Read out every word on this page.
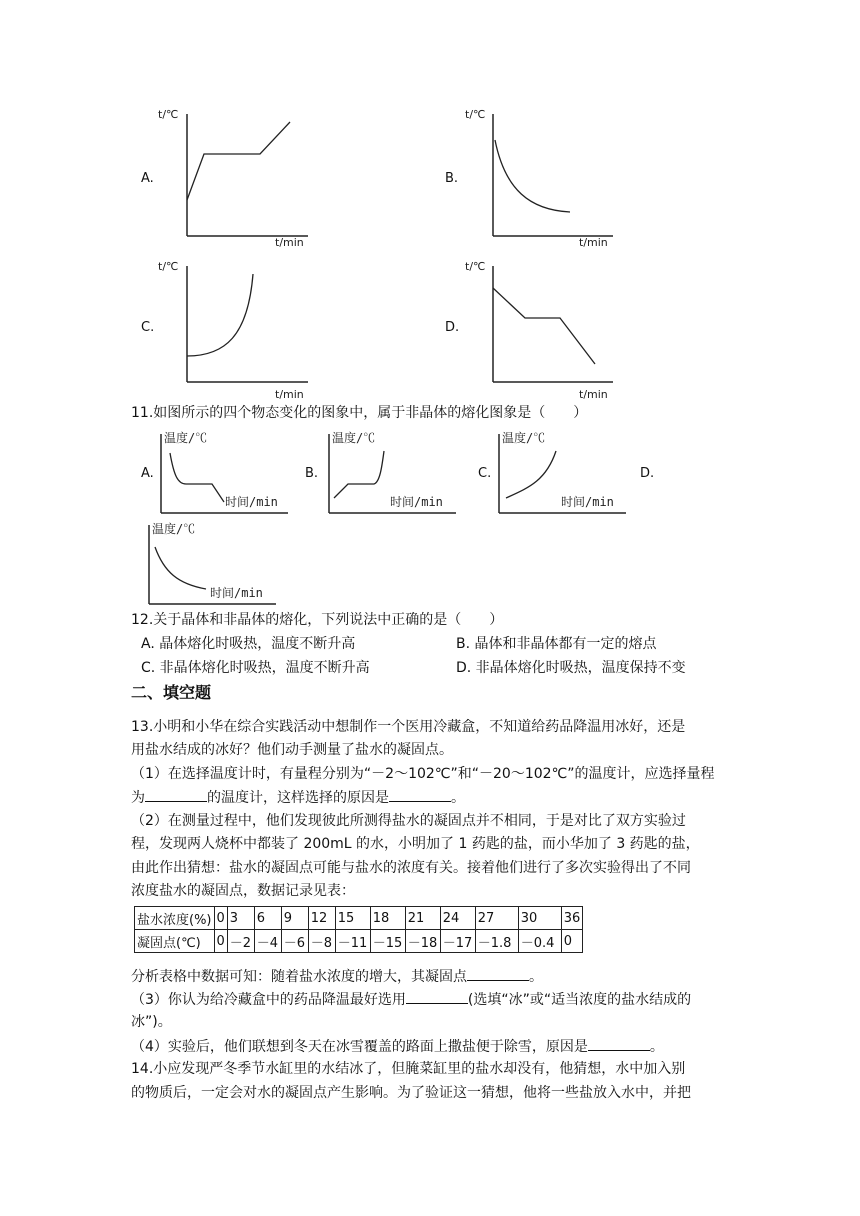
A.	B.
C.	D.
t/℃
t/min
t/℃
t/min
t/℃
t/min
t/℃
t/min
11.如图所示的四个物态变化的图象中，属于非晶体的熔化图象是（　　）
A.
温度/℃
时间/min
B.
温度/℃
时间/min
C.
温度/℃
时间/min
D.
温度/℃
时间/min
12.关于晶体和非晶体的熔化，下列说法中正确的是（　　）
A. 晶体熔化时吸热，温度不断升高	B. 晶体和非晶体都有一定的熔点
C. 非晶体熔化时吸热，温度不断升高	D. 非晶体熔化时吸热，温度保持不变
二、填空题
13.小明和小华在综合实践活动中想制作一个医用冷藏盒，不知道给药品降温用冰好，还是
用盐水结成的冰好？他们动手测量了盐水的凝固点。
（1）在选择温度计时，有量程分别为“－2～102℃”和“－20～102℃”的温度计，应选择量程
为	的温度计，这样选择的原因是	。
（2）在测量过程中，他们发现彼此所测得盐水的凝固点并不相同，于是对比了双方实验过
程，发现两人烧杯中都装了 200mL 的水，小明加了 1 药匙的盐，而小华加了 3 药匙的盐，
由此作出猜想：盐水的凝固点可能与盐水的浓度有关。接着他们进行了多次实验得出了不同
浓度盐水的凝固点，数据记录见表：
盐水浓度(%)	0	3	6	9	12	15	18	21	24	27	30	36
凝固点(℃)	0	－2	－4	－6	－8	－11	－15	－18	－17	－1.8	－0.4	0
分析表格中数据可知：随着盐水浓度的增大，其凝固点	。
（3）你认为给冷藏盒中的药品降温最好选用	(选填“冰”或“适当浓度的盐水结成的
冰”)。
（4）实验后，他们联想到冬天在冰雪覆盖的路面上撒盐便于除雪，原因是	。
14.小应发现严冬季节水缸里的水结冰了，但腌菜缸里的盐水却没有，他猜想，水中加入别
的物质后，一定会对水的凝固点产生影响。为了验证这一猜想，他将一些盐放入水中，并把
